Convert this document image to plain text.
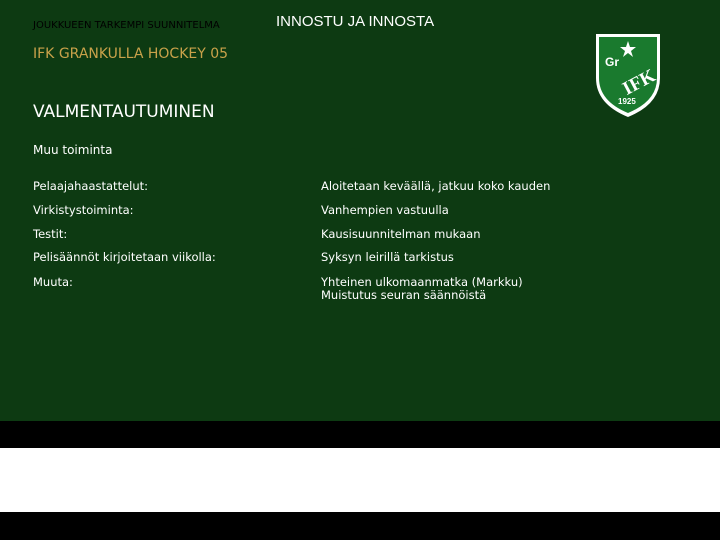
JOUKKUEEN TARKEMPI SUUNNITELMA	INNOSTU JA INNOSTA
IFK GRANKULLA HOCKEY 05
VALMENTAUTUMINEN
Muu toiminta
Pelaajahaastattelut:	Aloitetaan keväällä, jatkuu koko kauden
Virkistystoiminta:	Vanhempien vastuulla
Testit:	Kausisuunnitelman mukaan
Pelisäännöt kirjoitetaan viikolla:	Syksyn leirillä tarkistus
Muuta:	Yhteinen ulkomaanmatka (Markku)
Muistutus seuran säännöistä
Gr
IFK
1925
